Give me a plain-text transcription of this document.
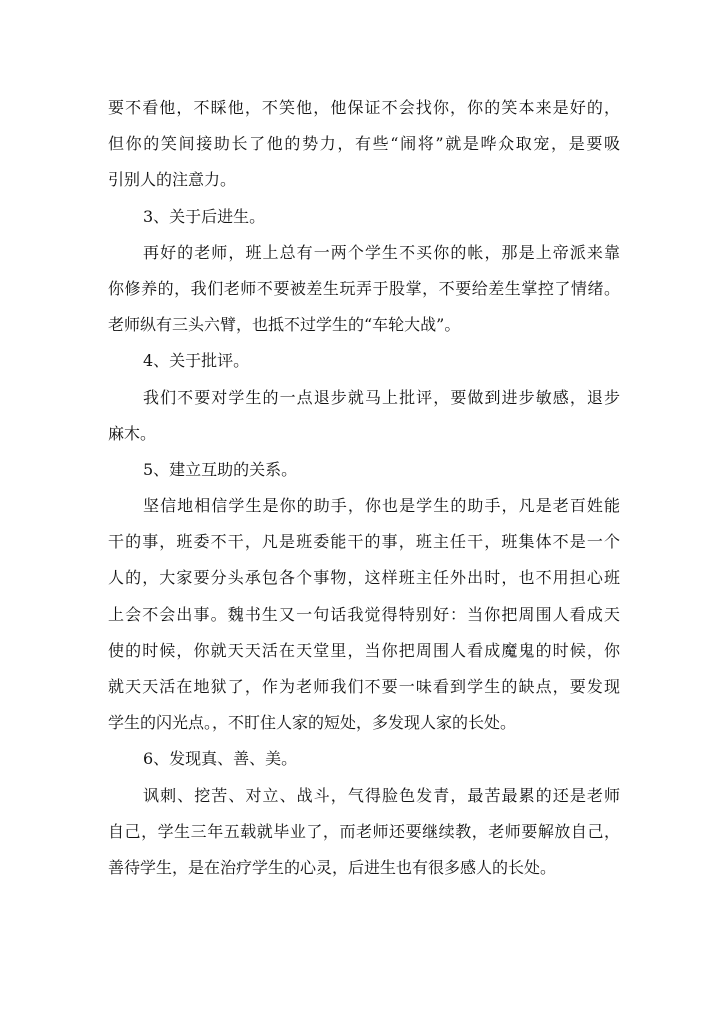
要不看他，不睬他，不笑他，他保证不会找你，你的笑本来是好的，
但你的笑间接助长了他的势力，有些“闹将”就是哗众取宠，是要吸
引别人的注意力。
3、关于后进生。
再好的老师，班上总有一两个学生不买你的帐，那是上帝派来靠
你修养的，我们老师不要被差生玩弄于股掌，不要给差生掌控了情绪。
老师纵有三头六臂，也抵不过学生的“车轮大战”。
4、关于批评。
我们不要对学生的一点退步就马上批评，要做到进步敏感，退步
麻木。
5、建立互助的关系。
坚信地相信学生是你的助手，你也是学生的助手，凡是老百姓能
干的事，班委不干，凡是班委能干的事，班主任干，班集体不是一个
人的，大家要分头承包各个事物，这样班主任外出时，也不用担心班
上会不会出事。魏书生又一句话我觉得特别好：当你把周围人看成天
使的时候，你就天天活在天堂里，当你把周围人看成魔鬼的时候，你
就天天活在地狱了，作为老师我们不要一味看到学生的缺点，要发现
学生的闪光点。，不盯住人家的短处，多发现人家的长处。
6、发现真、善、美。
讽刺、挖苦、对立、战斗，气得脸色发青，最苦最累的还是老师
自己，学生三年五载就毕业了，而老师还要继续教，老师要解放自己，
善待学生，是在治疗学生的心灵，后进生也有很多感人的长处。
